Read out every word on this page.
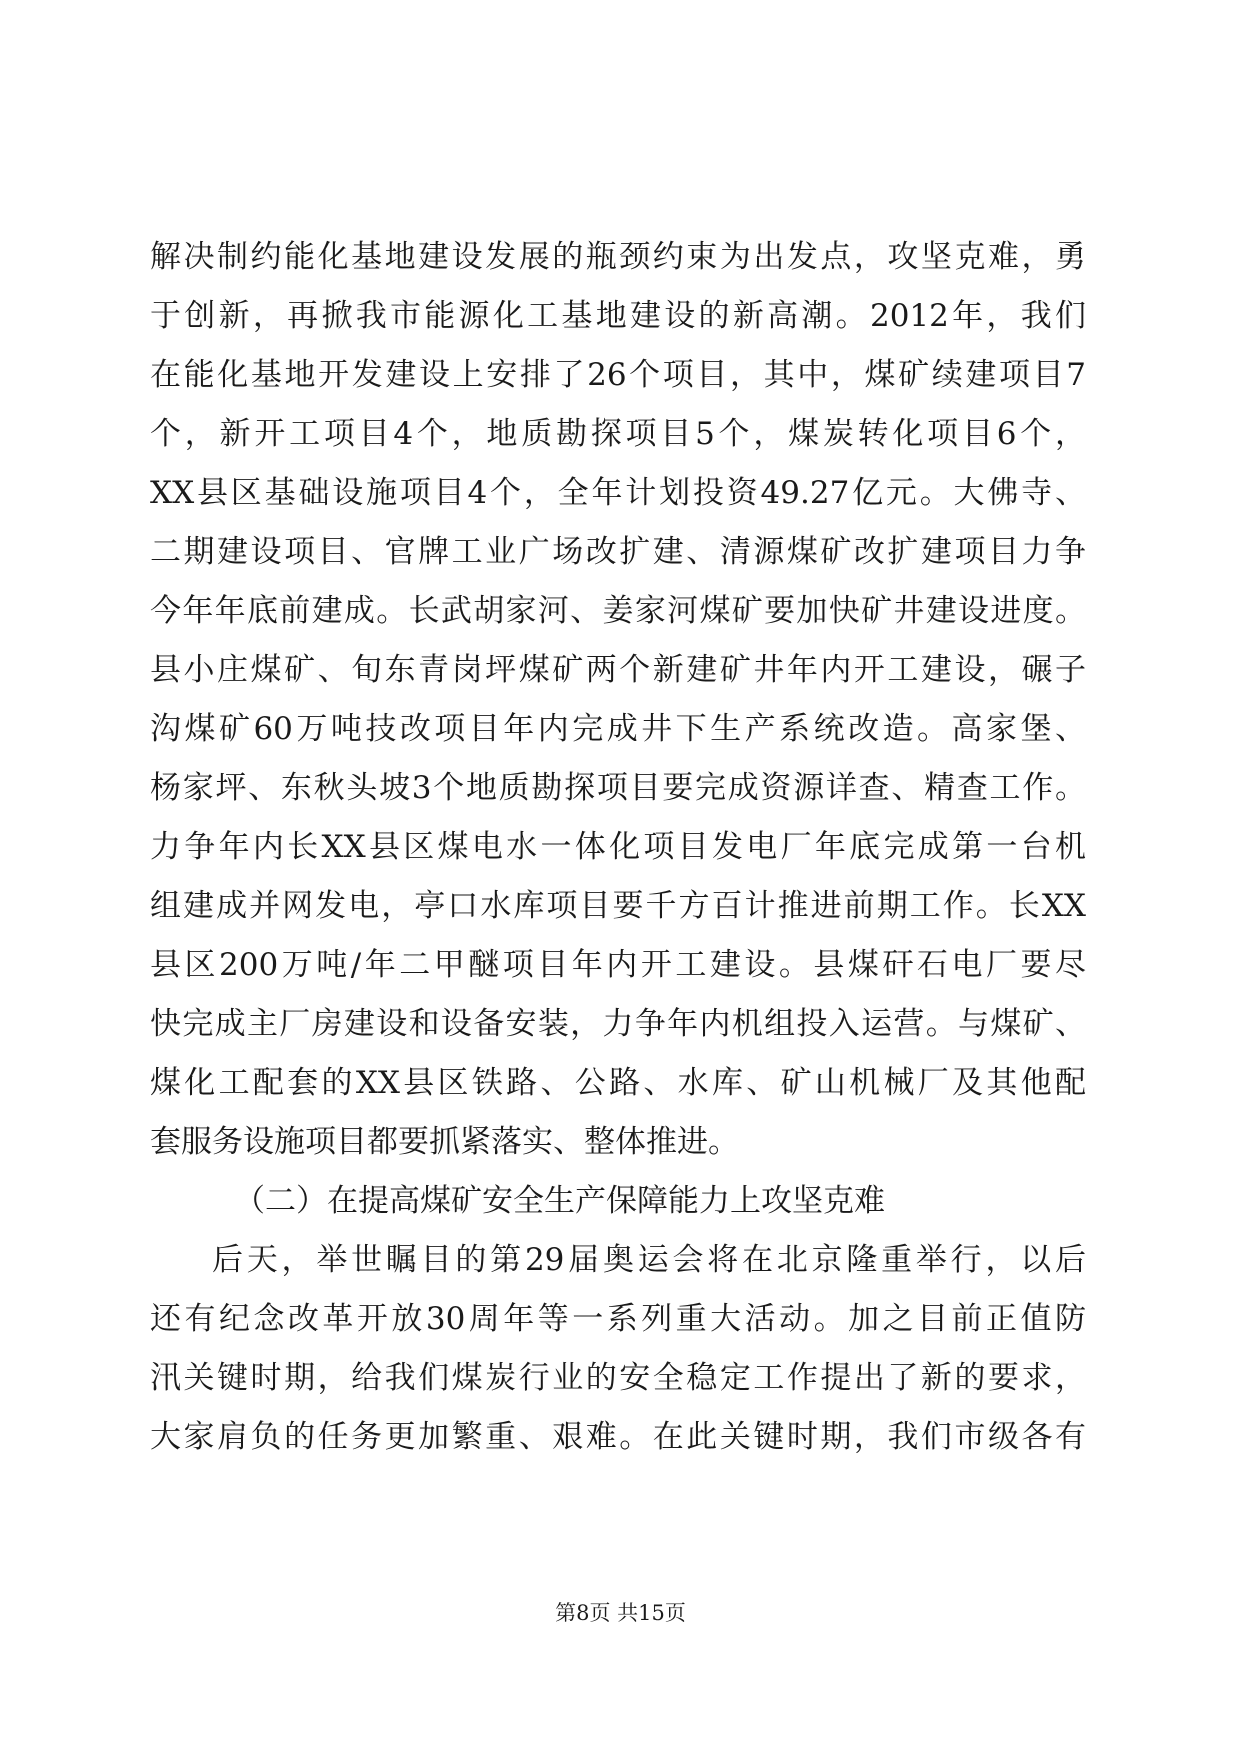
解决制约能化基地建设发展的瓶颈约束为出发点，攻坚克难，勇
于创新，再掀我市能源化工基地建设的新高潮。2012年，我们
在能化基地开发建设上安排了26个项目，其中，煤矿续建项目7
个，新开工项目4个，地质勘探项目5个，煤炭转化项目6个，
XX县区基础设施项目4个，全年计划投资49.27亿元。大佛寺、
二期建设项目、官牌工业广场改扩建、清源煤矿改扩建项目力争
今年年底前建成。长武胡家河、姜家河煤矿要加快矿井建设进度。
县小庄煤矿、旬东青岗坪煤矿两个新建矿井年内开工建设，碾子
沟煤矿60万吨技改项目年内完成井下生产系统改造。高家堡、
杨家坪、东秋头坡3个地质勘探项目要完成资源详查、精查工作。
力争年内长XX县区煤电水一体化项目发电厂年底完成第一台机
组建成并网发电，亭口水库项目要千方百计推进前期工作。长XX
县区200万吨/年二甲醚项目年内开工建设。县煤矸石电厂要尽
快完成主厂房建设和设备安装，力争年内机组投入运营。与煤矿、
煤化工配套的XX县区铁路、公路、水库、矿山机械厂及其他配
套服务设施项目都要抓紧落实、整体推进。
（二）在提高煤矿安全生产保障能力上攻坚克难
后天，举世瞩目的第29届奥运会将在北京隆重举行，以后
还有纪念改革开放30周年等一系列重大活动。加之目前正值防
汛关键时期，给我们煤炭行业的安全稳定工作提出了新的要求，
大家肩负的任务更加繁重、艰难。在此关键时期，我们市级各有
第8页 共15页
